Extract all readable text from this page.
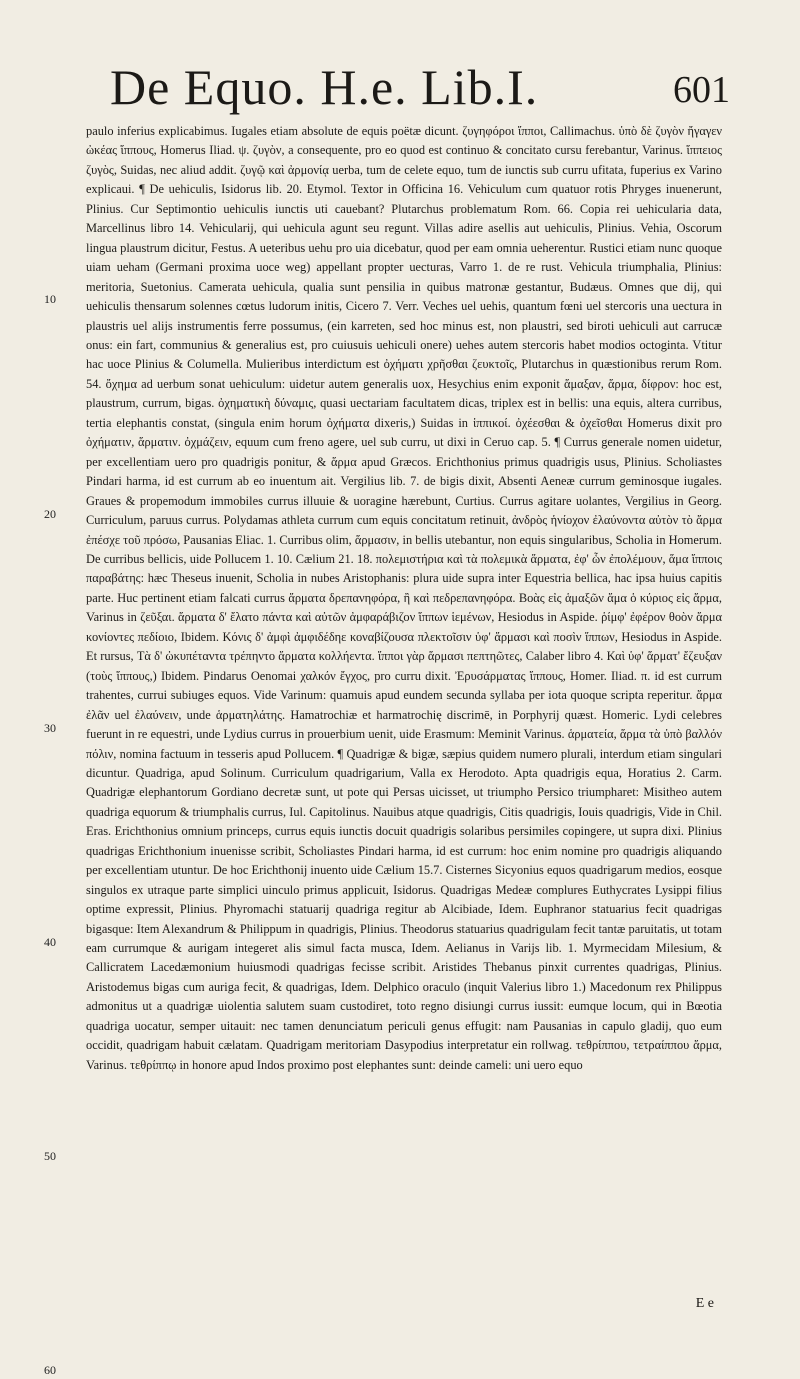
De Equo. H.e. Lib.I.	601
10
20
30
40
50
60

paulo inferius explicabimus. Iugales etiam absolute de equis poëtæ dicunt. ζυγηφόροι ἵπποι, Callimachus. ὑπὸ δὲ ζυγὸν ἤγαγεν ὠκέας ἵππους, Homerus Iliad. ψ. ζυγὸν, a consequente, pro eo quod est continuo & concitato cursu ferebantur, Varinus. ἵππειος ζυγὸς, Suidas, nec aliud addit. ζυγῷ καὶ ἀρμονίᾳ uerba, tum de celete equo, tum de iunctis sub curru ufitata, fuperius ex Varino explicaui. ¶ De uehiculis, Isidorus lib. 20. Etymol. Textor in Officina 16. Vehiculum cum quatuor rotis Phryges inuenerunt, Plinius. Cur Septimontio uehiculis iunctis uti cauebant? Plutarchus problematum Rom. 66. Copia rei uehicularia data, Marcellinus libro 14. Vehicularij, qui uehicula agunt seu regunt. Villas adire asellis aut uehiculis, Plinius. Vehia, Oscorum lingua plaustrum dicitur, Festus. A ueteribus uehu pro uia dicebatur, quod per eam omnia ueherentur. Rustici etiam nunc quoque uiam ueham (Germani proxima uoce weg) appellant propter uecturas, Varro 1. de re rust. Vehicula triumphalia, Plinius: meritoria, Suetonius. Camerata uehicula, qualia sunt pensilia in quibus matronæ gestantur, Budæus. Omnes que dij, qui uehiculis thensarum solennes cœtus ludorum initis, Cicero 7. Verr. Veches uel uehis, quantum fœni uel stercoris una uectura in plaustris uel alijs instrumentis ferre possumus, (ein karreten, sed hoc minus est, non plaustri, sed biroti uehiculi aut carrucæ onus: ein fart, communius & generalius est, pro cuiusuis uehiculi onere) uehes autem stercoris habet modios octoginta. Vtitur hac uoce Plinius & Columella. Mulieribus interdictum est ὀχήματι χρῆσθαι ζευκτοῖς, Plutarchus in quæstionibus rerum Rom. 54. ὄχημα ad uerbum sonat uehiculum: uidetur autem generalis uox, Hesychius enim exponit ἅμαξαν, ἅρμα, δίφρον: hoc est, plaustrum, currum, bigas. ὀχηματικὴ δύναμις, quasi uectariam facultatem dicas, triplex est in bellis: una equis, altera curribus, tertia elephantis constat, (singula enim horum ὀχήματα dixeris,) Suidas in ἱππικοί. ὀχέεσθαι & ὀχεῖσθαι Homerus dixit pro ὀχήματιν, ἅρματιν. ὀχμάζειν, equum cum freno agere, uel sub curru, ut dixi in Ceruo cap. 5. ¶ Currus generale nomen uidetur, per excellentiam uero pro quadrigis ponitur, & ἅρμα apud Græcos. Erichthonius primus quadrigis usus, Plinius. Scholiastes Pindari harma, id est currum ab eo inuentum ait. Vergilius lib. 7. de bigis dixit, Absenti Aeneæ currum geminosque iugales. Graues & propemodum immobiles currus illuuie & uoragine hærebunt, Curtius. Currus agitare uolantes, Vergilius in Georg. Curriculum, paruus currus. Polydamas athleta currum cum equis concitatum retinuit, ἀνδρὸς ἡνίοχον ἐλαύνοντα αὐτὸν τὸ ἅρμα ἐπέσχε τοῦ πρόσω, Pausanias Eliac. 1. Curribus olim, ἅρμασιν, in bellis utebantur, non equis singularibus, Scholia in Homerum. De curribus bellicis, uide Pollucem 1. 10. Cælium 21. 18. πολεμιστήρια καὶ τὰ πολεμικὰ ἅρματα, ἐφ' ὧν ἐπολέμουν, ἅμα ἵπποις παραβάτης: hæc Theseus inuenit, Scholia in nubes Aristophanis: plura uide supra inter Equestria bellica, hac ipsa huius capitis parte. Huc pertinent etiam falcati currus ἅρματα δρεπανηφόρα, ἢ καὶ πεδρεπανηφόρα. Βοὰς εἰς ἁμαξῶν ἅμα ὁ κύριος εἰς ἅρμα, Varinus in ζεῦξαι. ἅρματα δ' ἔλατο πάντα καὶ αὐτῶν ἀμφαράβιζον ἵππων ἱεμένων, Hesiodus in Aspide. ῥίμφ' ἐφέρον θοὸν ἅρμα κονίοντες πεδίοιο, Ibidem. Κόνις δ' ἀμφὶ ἀμφιδέδηε κοναβίζουσα πλεκτοῖσιν ὑφ' ἅρμασι καὶ ποσὶν ἵππων, Hesiodus in Aspide. Et rursus, Τὰ δ' ὠκυπέταντα τρέπηντο ἅρματα κολλήεντα. ἵπποι γὰρ ἅρμασι πεπτηῶτες, Calaber libro 4. Καὶ ὑφ' ἅρματ' ἔζευξαν (τοὺς ἵππους,) Ibidem. Pindarus Oenomai χαλκόν ἔγχος, pro curru dixit. Ἐρυσάρματας ἵππους, Homer. Iliad. π. id est currum trahentes, currui subiuges equos. Vide Varinum: quamuis apud eundem secunda syllaba per iota quoque scripta reperitur. ἅρμα ἐλᾶν uel ἐλαύνειν, unde ἁρματηλάτης. Hamatrochiæ et harmatrochię discrimē, in Porphyrij quæst. Homeric. Lydi celebres fuerunt in re equestri, unde Lydius currus in prouerbium uenit, uide Erasmum: Meminit Varinus. ἁρματεία, ἅρμα τὰ ὑπὸ βαλλόν πόλιν, nomina factuum in tesseris apud Pollucem. ¶ Quadrigæ & bigæ, sæpius quidem numero plurali, interdum etiam singulari dicuntur. Quadriga, apud Solinum. Curriculum quadrigarium, Valla ex Herodoto. Apta quadrigis equa, Horatius 2. Carm. Quadrigæ elephantorum Gordiano decretæ sunt, ut pote qui Persas uicisset, ut triumpho Persico triumpharet: Misitheo autem quadriga equorum & triumphalis currus, Iul. Capitolinus. Nauibus atque quadrigis, Citis quadrigis, Iouis quadrigis, Vide in Chil. Eras. Erichthonius omnium princeps, currus equis iunctis docuit quadrigis solaribus persimiles copingere, ut supra dixi. Plinius quadrigas Erichthonium inuenisse scribit, Scholiastes Pindari harma, id est currum: hoc enim nomine pro quadrigis aliquando per excellentiam utuntur. De hoc Erichthonij inuento uide Cælium 15.7. Cisternes Sicyonius equos quadrigarum medios, eosque singulos ex utraque parte simplici uinculo primus applicuit, Isidorus. Quadrigas Medeæ complures Euthycrates Lysippi filius optime expressit, Plinius. Phyromachi statuarij quadriga regitur ab Alcibiade, Idem. Euphranor statuarius fecit quadrigas bigasque: Item Alexandrum & Philippum in quadrigis, Plinius. Theodorus statuarius quadrigulam fecit tantæ paruitatis, ut totam eam currumque & aurigam integeret alis simul facta musca, Idem. Aelianus in Varijs lib. 1. Myrmecidam Milesium, & Callicratem Lacedæmonium huiusmodi quadrigas fecisse scribit. Aristides Thebanus pinxit currentes quadrigas, Plinius. Aristodemus bigas cum auriga fecit, & quadrigas, Idem. Delphico oraculo (inquit Valerius libro 1.) Macedonum rex Philippus admonitus ut a quadrigæ uiolentia salutem suam custodiret, toto regno disiungi currus iussit: eumque locum, qui in Bœotia quadriga uocatur, semper uitauit: nec tamen denunciatum periculi genus effugit: nam Pausanias in capulo gladij, quo eum occidit, quadrigam habuit cælatam. Quadrigam meritoriam Dasypodius interpretatur ein rollwag. τεθρίππου, τετραίππου ἅρμα, Varinus. τεθρίππῳ in honore apud Indos proximo post elephantes sunt: deinde cameli: uni uero equo

E e
